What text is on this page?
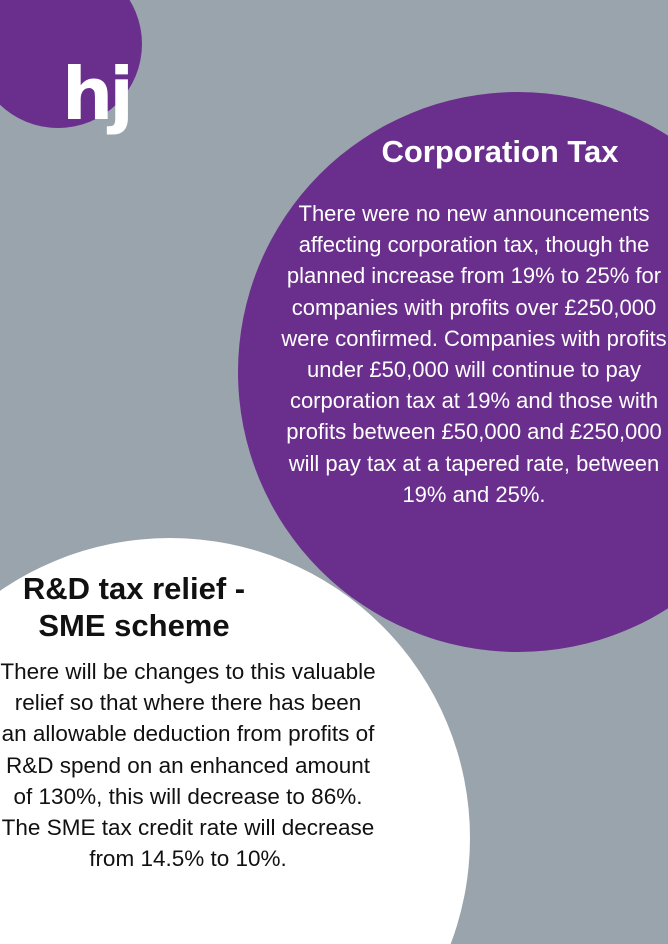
hj
Corporation Tax
There were no new announcements affecting corporation tax, though the planned increase from 19% to 25% for companies with profits over £250,000 were confirmed. Companies with profits under £50,000 will continue to pay corporation tax at 19% and those with profits between £50,000 and £250,000 will pay tax at a tapered rate, between 19% and 25%.
R&D tax relief - SME scheme
There will be changes to this valuable relief so that where there has been an allowable deduction from profits of R&D spend on an enhanced amount of 130%, this will decrease to 86%. The SME tax credit rate will decrease from 14.5% to 10%.
